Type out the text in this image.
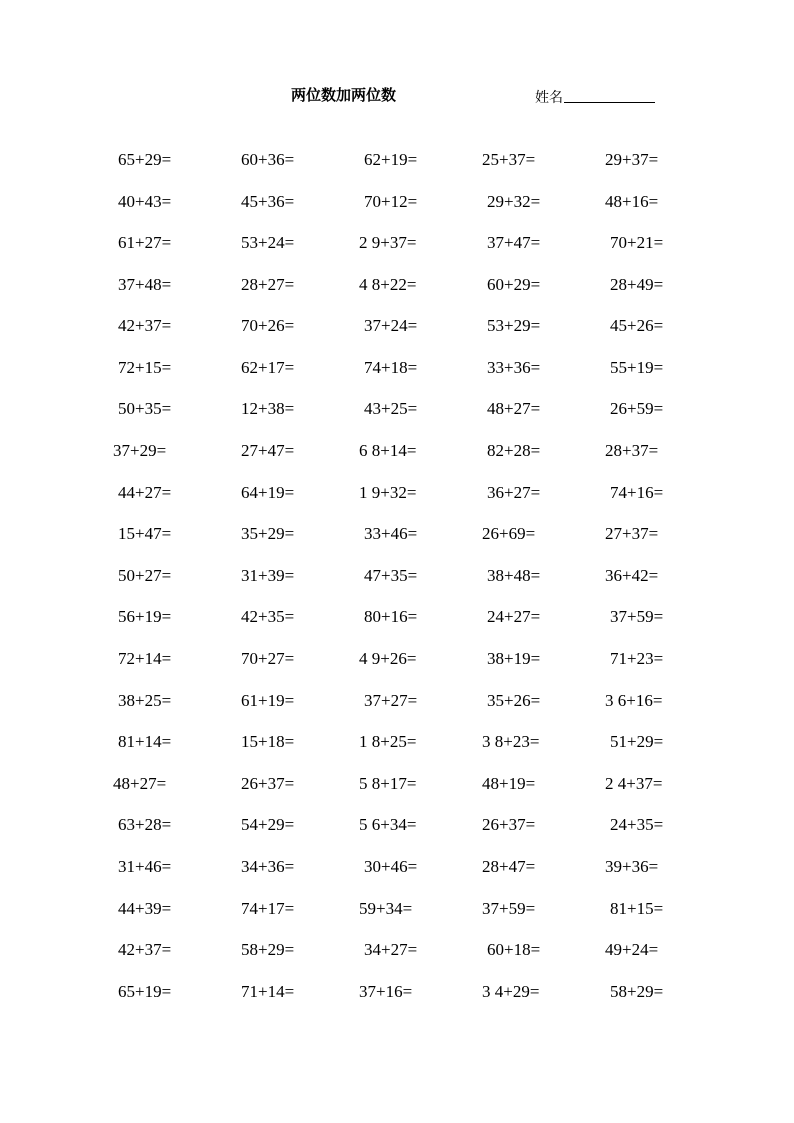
两位数加两位数	姓名
65+29=	60+36=	62+19=	25+37=	29+37=
40+43=	45+36=	70+12=	29+32=	48+16=
61+27=	53+24=	2 9+37=	37+47=	70+21=
37+48=	28+27=	4 8+22=	60+29=	28+49=
42+37=	70+26=	37+24=	53+29=	45+26=
72+15=	62+17=	74+18=	33+36=	55+19=
50+35=	12+38=	43+25=	48+27=	26+59=
37+29=	27+47=	6 8+14=	82+28=	28+37=
44+27=	64+19=	1 9+32=	36+27=	74+16=
15+47=	35+29=	33+46=	26+69=	27+37=
50+27=	31+39=	47+35=	38+48=	36+42=
56+19=	42+35=	80+16=	24+27=	37+59=
72+14=	70+27=	4 9+26=	38+19=	71+23=
38+25=	61+19=	37+27=	35+26=	3 6+16=
81+14=	15+18=	1 8+25=	3 8+23=	51+29=
48+27=	26+37=	5 8+17=	48+19=	2 4+37=
63+28=	54+29=	5 6+34=	26+37=	24+35=
31+46=	34+36=	30+46=	28+47=	39+36=
44+39=	74+17=	59+34=	37+59=	81+15=
42+37=	58+29=	34+27=	60+18=	49+24=
65+19=	71+14=	37+16=	3 4+29=	58+29=
